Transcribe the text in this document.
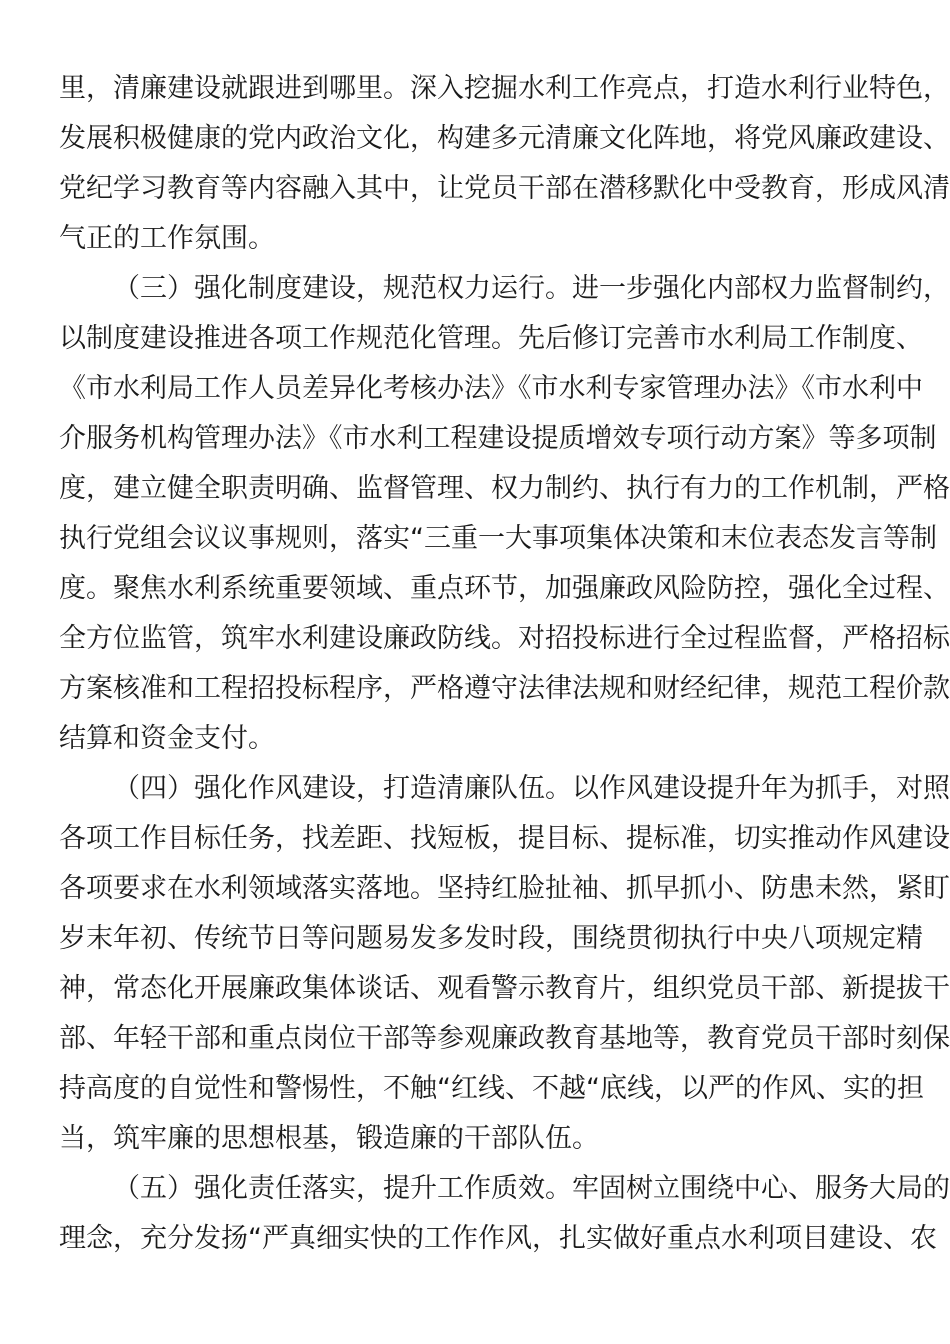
里，清廉建设就跟进到哪里。深入挖掘水利工作亮点，打造水利行业特色，
发展积极健康的党内政治文化，构建多元清廉文化阵地，将党风廉政建设、
党纪学习教育等内容融入其中，让党员干部在潜移默化中受教育，形成风清
气正的工作氛围。
（三）强化制度建设，规范权力运行。进一步强化内部权力监督制约，
以制度建设推进各项工作规范化管理。先后修订完善市水利局工作制度、
《市水利局工作人员差异化考核办法》《市水利专家管理办法》《市水利中
介服务机构管理办法》《市水利工程建设提质增效专项行动方案》等多项制
度，建立健全职责明确、监督管理、权力制约、执行有力的工作机制，严格
执行党组会议议事规则，落实“三重一大事项集体决策和末位表态发言等制
度。聚焦水利系统重要领域、重点环节，加强廉政风险防控，强化全过程、
全方位监管，筑牢水利建设廉政防线。对招投标进行全过程监督，严格招标
方案核准和工程招投标程序，严格遵守法律法规和财经纪律，规范工程价款
结算和资金支付。
（四）强化作风建设，打造清廉队伍。以作风建设提升年为抓手，对照
各项工作目标任务，找差距、找短板，提目标、提标准，切实推动作风建设
各项要求在水利领域落实落地。坚持红脸扯袖、抓早抓小、防患未然，紧盯
岁末年初、传统节日等问题易发多发时段，围绕贯彻执行中央八项规定精
神，常态化开展廉政集体谈话、观看警示教育片，组织党员干部、新提拔干
部、年轻干部和重点岗位干部等参观廉政教育基地等，教育党员干部时刻保
持高度的自觉性和警惕性，不触“红线、不越“底线，以严的作风、实的担
当，筑牢廉的思想根基，锻造廉的干部队伍。
（五）强化责任落实，提升工作质效。牢固树立围绕中心、服务大局的
理念，充分发扬“严真细实快的工作作风，扎实做好重点水利项目建设、农
